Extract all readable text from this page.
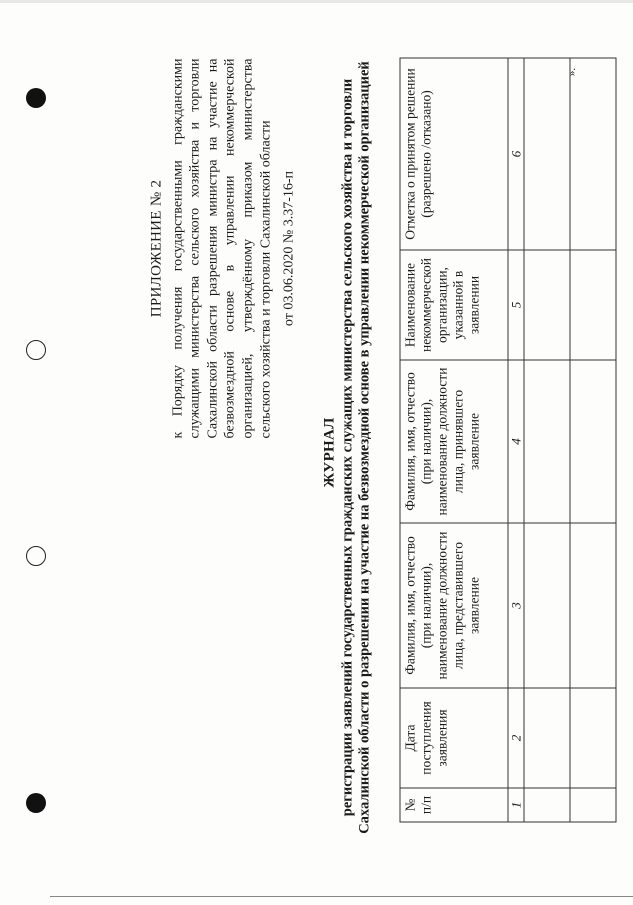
».
ПРИЛОЖЕНИЕ № 2 к Порядку получения государственными гражданскими служащими министерства сельского хозяйства и торговли Сахалинской области разрешения министра на участие на безвозмездной основе в управлении некоммерческой организацией, утверждённому приказом министерства сельского хозяйства и торговли Сахалинской области от 03.06.2020 № 3.37-16-п
ЖУРНАЛ регистрации заявлений государственных гражданских служащих министерства сельского хозяйства и торговли Сахалинской области о разрешении на участие на безвозмездной основе в управлении некоммерческой организацией № п/п	Дата поступления заявления	Фамилия, имя, отчество (при наличии), наименование должности лица, представившего заявление	Фамилия, имя, отчество (при наличии), наименование должности лица, принявшего заявление	Наименование некоммерческой организации, указанной в заявлении	Отметка о принятом решении (разрешено /отказано)
1	2	3	4	5	6
